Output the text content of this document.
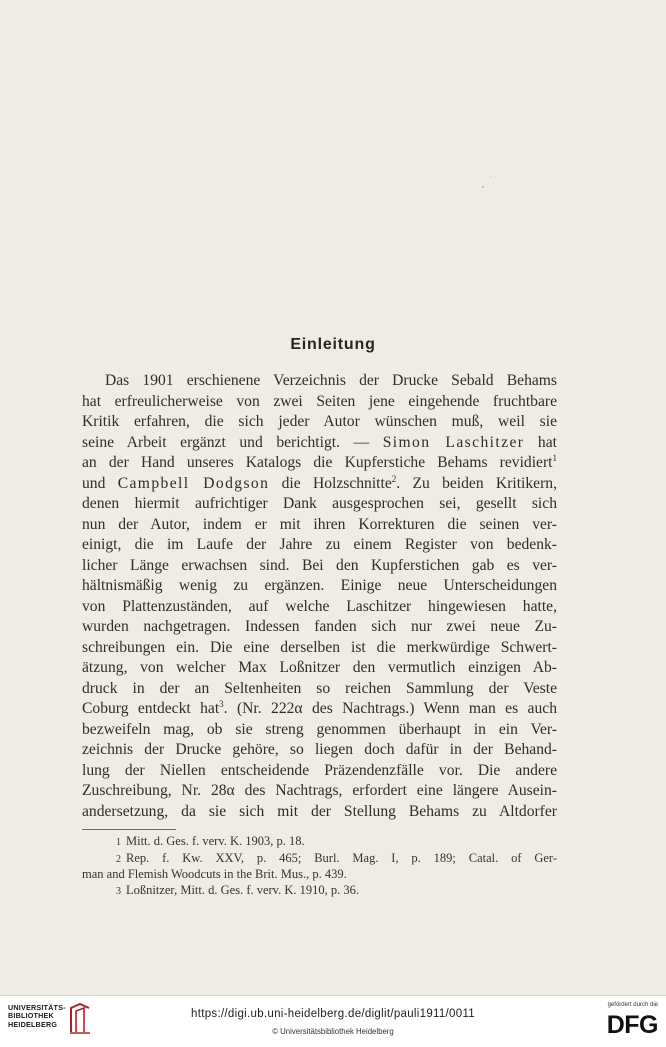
Einleitung
Das 1901 erschienene Verzeichnis der Drucke Sebald Behams
hat erfreulicherweise von zwei Seiten jene eingehende fruchtbare
Kritik erfahren, die sich jeder Autor wünschen muß, weil sie
seine Arbeit ergänzt und berichtigt. — Simon Laschitzer hat
an der Hand unseres Katalogs die Kupferstiche Behams revidiert$^1$
und Campbell Dodgson die Holzschnitte$^2$. Zu beiden Kritikern,
denen hiermit aufrichtiger Dank ausgesprochen sei, gesellt sich
nun der Autor, indem er mit ihren Korrekturen die seinen ver-
einigt, die im Laufe der Jahre zu einem Register von bedenk-
licher Länge erwachsen sind. Bei den Kupferstichen gab es ver-
hältnismäßig wenig zu ergänzen. Einige neue Unterscheidungen
von Plattenzuständen, auf welche Laschitzer hingewiesen hatte,
wurden nachgetragen. Indessen fanden sich nur zwei neue Zu-
schreibungen ein. Die eine derselben ist die merkwürdige Schwert-
ätzung, von welcher Max Loßnitzer den vermutlich einzigen Ab-
druck in der an Seltenheiten so reichen Sammlung der Veste
Coburg entdeckt hat$^3$. (Nr. 222α des Nachtrags.) Wenn man es auch
bezweifeln mag, ob sie streng genommen überhaupt in ein Ver-
zeichnis der Drucke gehöre, so liegen doch dafür in der Behand-
lung der Niellen entscheidende Präzendenzfälle vor. Die andere
Zuschreibung, Nr. 28α des Nachtrags, erfordert eine längere Ausein-
andersetzung, da sie sich mit der Stellung Behams zu Altdorfer
1 Mitt. d. Ges. f. verv. K. 1903, p. 18.
2 Rep. f. Kw. XXV, p. 465; Burl. Mag. I, p. 189; Catal. of Ger-
man and Flemish Woodcuts in the Brit. Mus., p. 439.
3 Loßnitzer, Mitt. d. Ges. f. verv. K. 1910, p. 36.
UNIVERSITÄTS-
BIBLIOTHEK
HEIDELBERG
https://digi.ub.uni-heidelberg.de/diglit/pauli1911/0011
© Universitätsbibliothek Heidelberg
gefördert durch die
DFG
